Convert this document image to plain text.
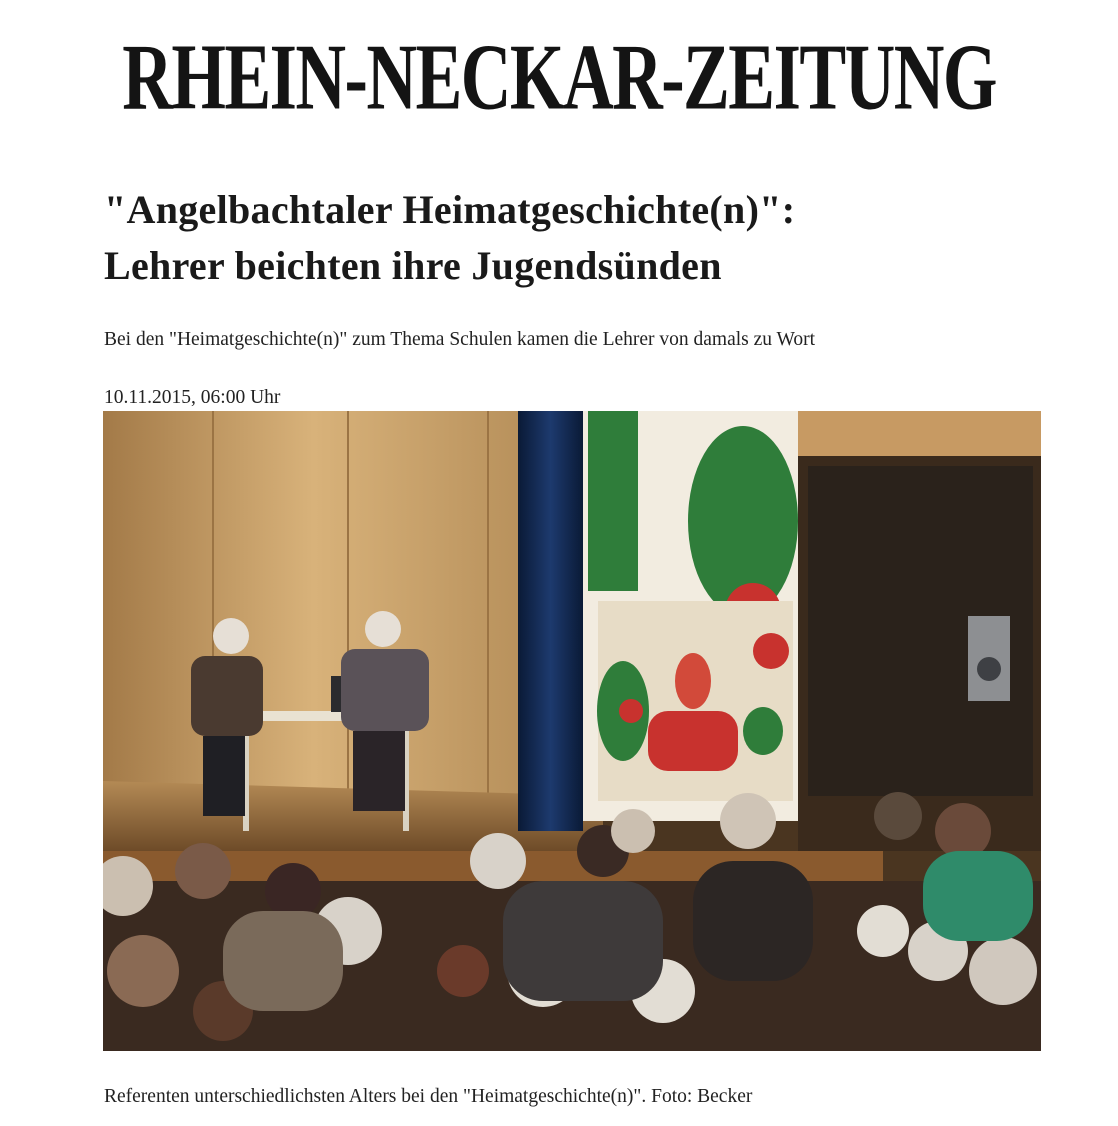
RHEIN-NECKAR-ZEITUNG
"Angelbachtaler Heimatgeschichte(n)":
Lehrer beichten ihre Jugendsünden
Bei den "Heimatgeschichte(n)" zum Thema Schulen kamen die Lehrer von damals zu Wort
10.11.2015, 06:00 Uhr
Referenten unterschiedlichsten Alters bei den "Heimatgeschichte(n)". Foto: Becker
